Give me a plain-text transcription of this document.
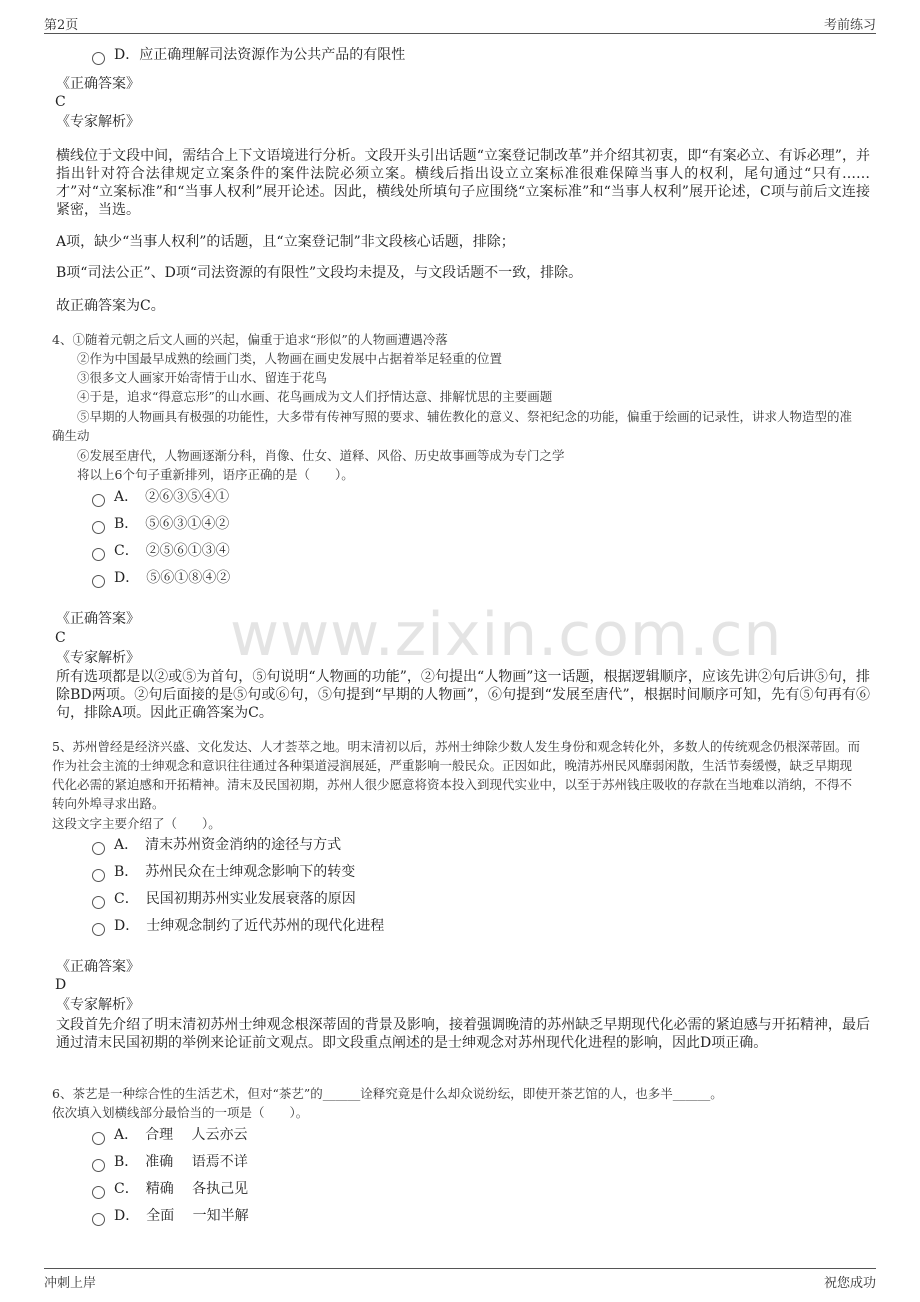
第2页	考前练习
www.zixin.com.cn
D．应正确理解司法资源作为公共产品的有限性
《正确答案》
C
《专家解析》
横线位于文段中间，需结合上下文语境进行分析。文段开头引出话题“立案登记制改革”并介绍其初衷，即“有案必立、有诉必理”，并指出针对符合法律规定立案条件的案件法院必须立案。横线后指出设立立案标准很难保障当事人的权利，尾句通过“只有……才”对“立案标准”和“当事人权利”展开论述。因此，横线处所填句子应围绕“立案标准”和“当事人权利”展开论述，C项与前后文连接紧密，当选。
A项，缺少“当事人权利”的话题，且“立案登记制”非文段核心话题，排除；
B项“司法公正”、D项“司法资源的有限性”文段均未提及，与文段话题不一致，排除。
故正确答案为C。
4、①随着元朝之后文人画的兴起，偏重于追求“形似”的人物画遭遇冷落
②作为中国最早成熟的绘画门类，人物画在画史发展中占据着举足轻重的位置
③很多文人画家开始寄情于山水、留连于花鸟
④于是，追求“得意忘形”的山水画、花鸟画成为文人们抒情达意、排解忧思的主要画题
⑤早期的人物画具有极强的功能性，大多带有传神写照的要求、辅佐教化的意义、祭祀纪念的功能，偏重于绘画的记录性，讲求人物造型的准确生动
⑥发展至唐代，人物画逐渐分科，肖像、仕女、道释、风俗、历史故事画等成为专门之学
将以上6个句子重新排列，语序正确的是（　　）。
A．　②⑥③⑤④①
B．　⑤⑥③①④②
C．　②⑤⑥①③④
D．　⑤⑥①⑧④②
《正确答案》
C
《专家解析》
所有选项都是以②或⑤为首句，⑤句说明“人物画的功能”，②句提出“人物画”这一话题，根据逻辑顺序，应该先讲②句后讲⑤句，排除BD两项。②句后面接的是⑤句或⑥句，⑤句提到“早期的人物画”，⑥句提到“发展至唐代”，根据时间顺序可知，先有⑤句再有⑥句，排除A项。因此正确答案为C。
5、苏州曾经是经济兴盛、文化发达、人才荟萃之地。明末清初以后，苏州士绅除少数人发生身份和观念转化外，多数人的传统观念仍根深蒂固。而作为社会主流的士绅观念和意识往往通过各种渠道浸润展延，严重影响一般民众。正因如此，晚清苏州民风靡弱闲散，生活节奏缓慢，缺乏早期现代化必需的紧迫感和开拓精神。清末及民国初期，苏州人很少愿意将资本投入到现代实业中，以至于苏州钱庄吸收的存款在当地难以消纳，不得不转向外埠寻求出路。
这段文字主要介绍了（　　）。
A．　清末苏州资金消纳的途径与方式
B．　苏州民众在士绅观念影响下的转变
C．　民国初期苏州实业发展衰落的原因
D．　士绅观念制约了近代苏州的现代化进程
《正确答案》
D
《专家解析》
文段首先介绍了明末清初苏州士绅观念根深蒂固的背景及影响，接着强调晚清的苏州缺乏早期现代化必需的紧迫感与开拓精神，最后通过清末民国初期的举例来论证前文观点。即文段重点阐述的是士绅观念对苏州现代化进程的影响，因此D项正确。
6、茶艺是一种综合性的生活艺术，但对“茶艺”的______诠释究竟是什么却众说纷纭，即使开茶艺馆的人，也多半______。
依次填入划横线部分最恰当的一项是（　　）。
A．　合理　 人云亦云
B．　准确　 语焉不详
C．　精确　 各执己见
D．　全面　 一知半解
冲刺上岸	祝您成功
